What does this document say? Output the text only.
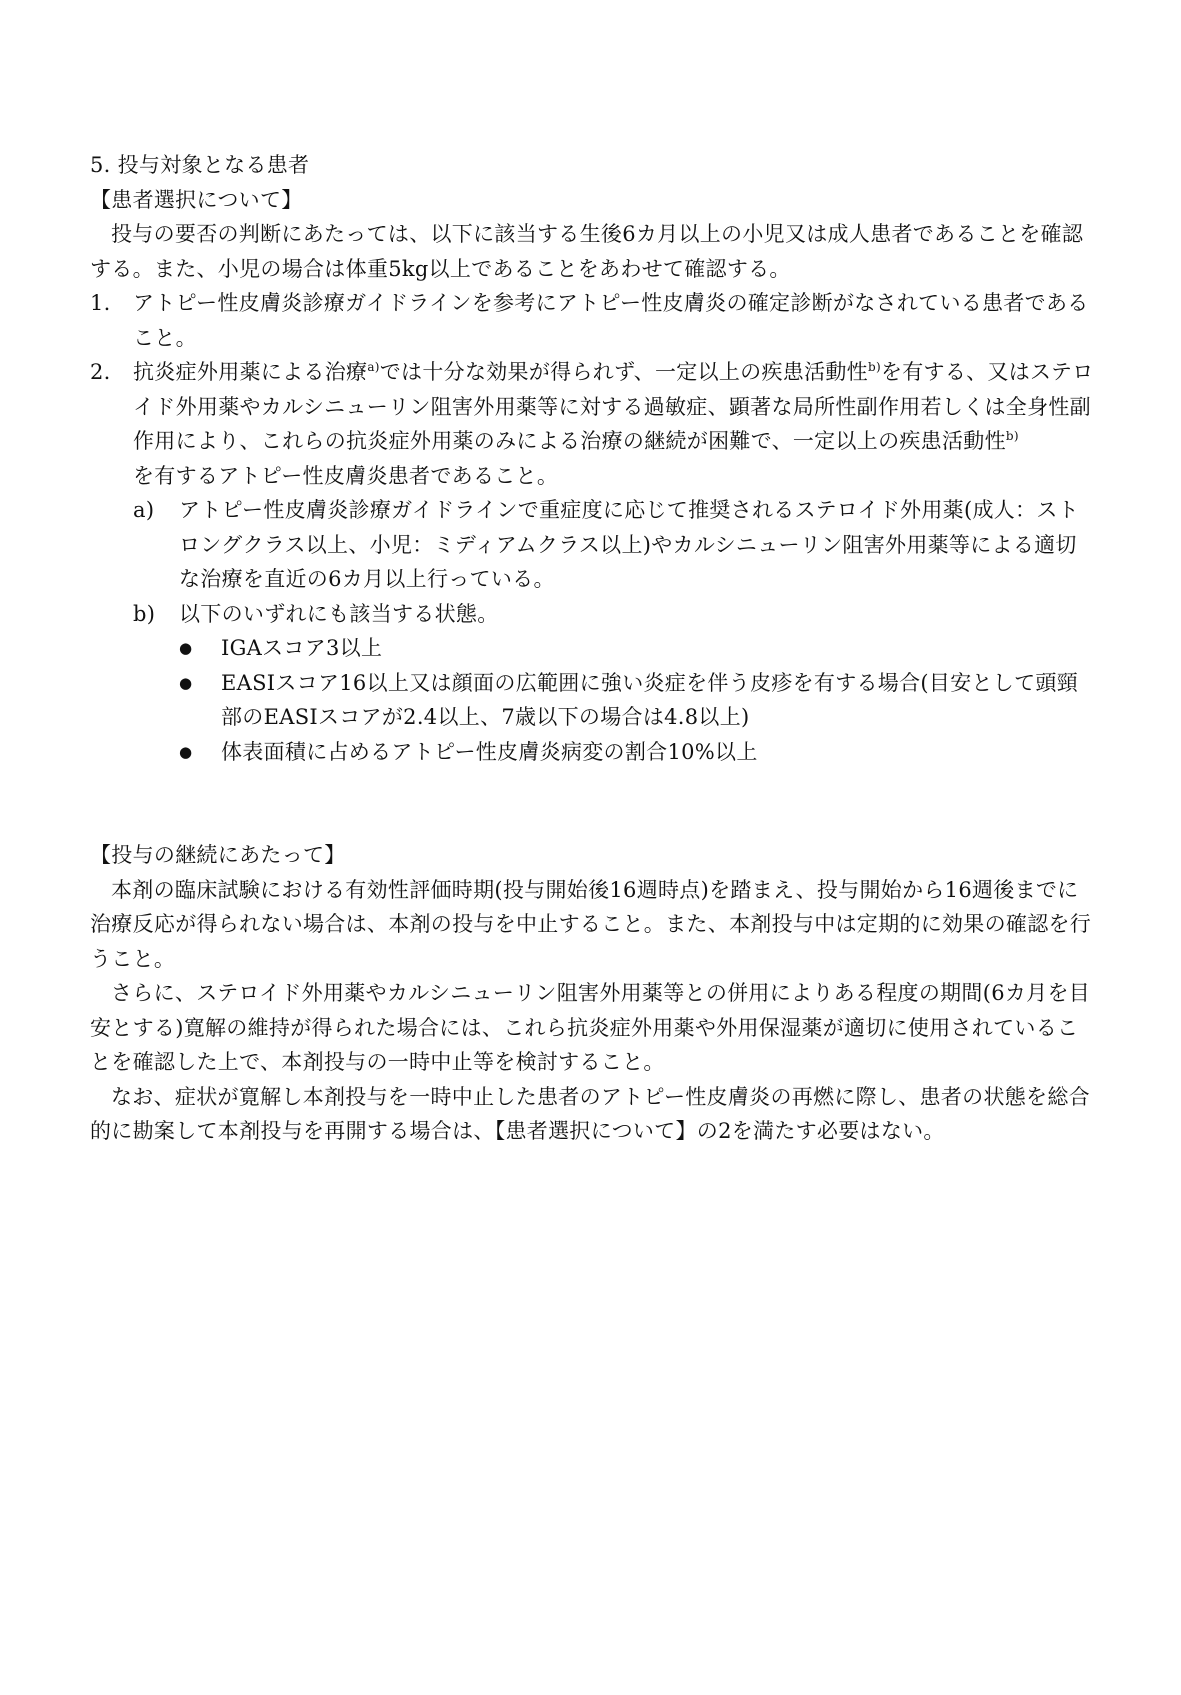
5. 投与対象となる患者
【患者選択について】
投与の要否の判断にあたっては、以下に該当する生後6カ月以上の小児又は成人患者であることを確認する。また、小児の場合は体重5kg以上であることをあわせて確認する。
1.	アトピー性皮膚炎診療ガイドラインを参考にアトピー性皮膚炎の確定診断がなされている患者であること。
2.	抗炎症外用薬による治療$^{a)}$では十分な効果が得られず、一定以上の疾患活動性$^{b)}$を有する、又はステロイド外用薬やカルシニューリン阻害外用薬等に対する過敏症、顕著な局所性副作用若しくは全身性副作用により、これらの抗炎症外用薬のみによる治療の継続が困難で、一定以上の疾患活動性$^{b)}$
を有するアトピー性皮膚炎患者であること。
a)	アトピー性皮膚炎診療ガイドラインで重症度に応じて推奨されるステロイド外用薬(成人：ストロングクラス以上、小児：ミディアムクラス以上)やカルシニューリン阻害外用薬等による適切な治療を直近の6カ月以上行っている。
b)	以下のいずれにも該当する状態。
●	IGAスコア3以上
●	EASIスコア16以上又は顔面の広範囲に強い炎症を伴う皮疹を有する場合(目安として頭頸部のEASIスコアが2.4以上、7歳以下の場合は4.8以上)
●	体表面積に占めるアトピー性皮膚炎病変の割合10%以上
【投与の継続にあたって】
本剤の臨床試験における有効性評価時期(投与開始後16週時点)を踏まえ、投与開始から16週後までに治療反応が得られない場合は、本剤の投与を中止すること。また、本剤投与中は定期的に効果の確認を行うこと。
さらに、ステロイド外用薬やカルシニューリン阻害外用薬等との併用によりある程度の期間(6カ月を目安とする)寛解の維持が得られた場合には、これら抗炎症外用薬や外用保湿薬が適切に使用されていることを確認した上で、本剤投与の一時中止等を検討すること。
なお、症状が寛解し本剤投与を一時中止した患者のアトピー性皮膚炎の再燃に際し、患者の状態を総合的に勘案して本剤投与を再開する場合は、【患者選択について】の2を満たす必要はない。
